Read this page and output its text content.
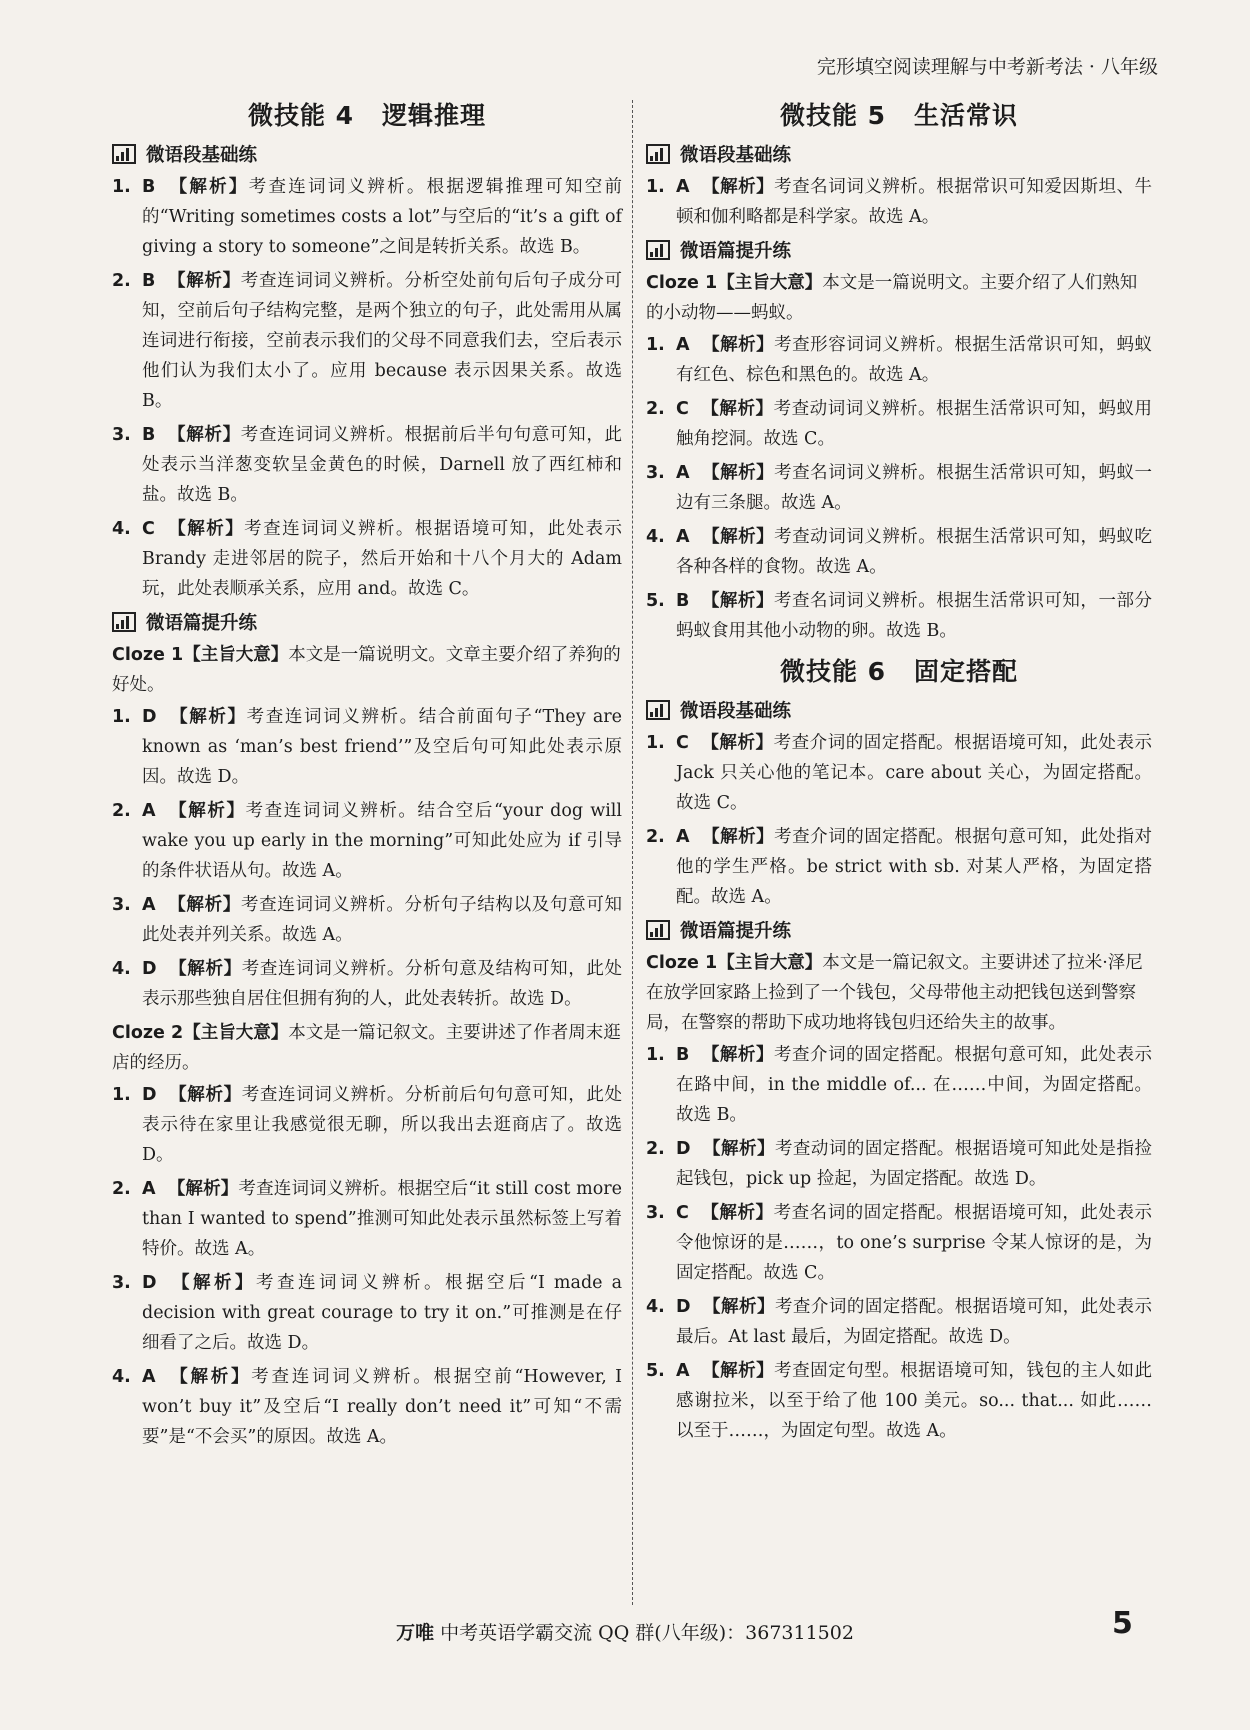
完形填空阅读理解与中考新考法 · 八年级
微技能 4 逻辑推理
微语段基础练
1. B 【解析】考查连词词义辨析。根据逻辑推理可知空前的“Writing sometimes costs a lot”与空后的“it’s a gift of giving a story to someone”之间是转折关系。故选 B。
2. B 【解析】考查连词词义辨析。分析空处前句后句子成分可知，空前后句子结构完整，是两个独立的句子，此处需用从属连词进行衔接，空前表示我们的父母不同意我们去，空后表示他们认为我们太小了。应用 because 表示因果关系。故选 B。
3. B 【解析】考查连词词义辨析。根据前后半句句意可知，此处表示当洋葱变软呈金黄色的时候，Darnell 放了西红柿和盐。故选 B。
4. C 【解析】考查连词词义辨析。根据语境可知，此处表示 Brandy 走进邻居的院子，然后开始和十八个月大的 Adam 玩，此处表顺承关系，应用 and。故选 C。
微语篇提升练
Cloze 1【主旨大意】本文是一篇说明文。文章主要介绍了养狗的好处。
1. D 【解析】考查连词词义辨析。结合前面句子“They are known as ‘man’s best friend’”及空后句可知此处表示原因。故选 D。
2. A 【解析】考查连词词义辨析。结合空后“your dog will wake you up early in the morning”可知此处应为 if 引导的条件状语从句。故选 A。
3. A 【解析】考查连词词义辨析。分析句子结构以及句意可知此处表并列关系。故选 A。
4. D 【解析】考查连词词义辨析。分析句意及结构可知，此处表示那些独自居住但拥有狗的人，此处表转折。故选 D。
Cloze 2【主旨大意】本文是一篇记叙文。主要讲述了作者周末逛店的经历。
1. D 【解析】考查连词词义辨析。分析前后句句意可知，此处表示待在家里让我感觉很无聊，所以我出去逛商店了。故选 D。
2. A 【解析】考查连词词义辨析。根据空后“it still cost more than I wanted to spend”推测可知此处表示虽然标签上写着特价。故选 A。
3. D 【解析】考查连词词义辨析。根据空后“I made a decision with great courage to try it on.”可推测是在仔细看了之后。故选 D。
4. A 【解析】考查连词词义辨析。根据空前“However, I won’t buy it”及空后“I really don’t need it”可知“不需要”是“不会买”的原因。故选 A。
微技能 5 生活常识
微语段基础练
1. A 【解析】考查名词词义辨析。根据常识可知爱因斯坦、牛顿和伽利略都是科学家。故选 A。
微语篇提升练
Cloze 1【主旨大意】本文是一篇说明文。主要介绍了人们熟知的小动物——蚂蚁。
1. A 【解析】考查形容词词义辨析。根据生活常识可知，蚂蚁有红色、棕色和黑色的。故选 A。
2. C 【解析】考查动词词义辨析。根据生活常识可知，蚂蚁用触角挖洞。故选 C。
3. A 【解析】考查名词词义辨析。根据生活常识可知，蚂蚁一边有三条腿。故选 A。
4. A 【解析】考查动词词义辨析。根据生活常识可知，蚂蚁吃各种各样的食物。故选 A。
5. B 【解析】考查名词词义辨析。根据生活常识可知，一部分蚂蚁食用其他小动物的卵。故选 B。
微技能 6 固定搭配
微语段基础练
1. C 【解析】考查介词的固定搭配。根据语境可知，此处表示 Jack 只关心他的笔记本。care about 关心，为固定搭配。故选 C。
2. A 【解析】考查介词的固定搭配。根据句意可知，此处指对他的学生严格。be strict with sb. 对某人严格，为固定搭配。故选 A。
微语篇提升练
Cloze 1【主旨大意】本文是一篇记叙文。主要讲述了拉米·泽尼在放学回家路上捡到了一个钱包，父母带他主动把钱包送到警察局，在警察的帮助下成功地将钱包归还给失主的故事。
1. B 【解析】考查介词的固定搭配。根据句意可知，此处表示在路中间，in the middle of... 在……中间，为固定搭配。故选 B。
2. D 【解析】考查动词的固定搭配。根据语境可知此处是指捡起钱包，pick up 捡起，为固定搭配。故选 D。
3. C 【解析】考查名词的固定搭配。根据语境可知，此处表示令他惊讶的是……，to one’s surprise 令某人惊讶的是，为固定搭配。故选 C。
4. D 【解析】考查介词的固定搭配。根据语境可知，此处表示最后。At last 最后，为固定搭配。故选 D。
5. A 【解析】考查固定句型。根据语境可知，钱包的主人如此感谢拉米，以至于给了他 100 美元。so... that... 如此……以至于……，为固定句型。故选 A。
万唯 中考英语学霸交流 QQ 群(八年级)：367311502	5
